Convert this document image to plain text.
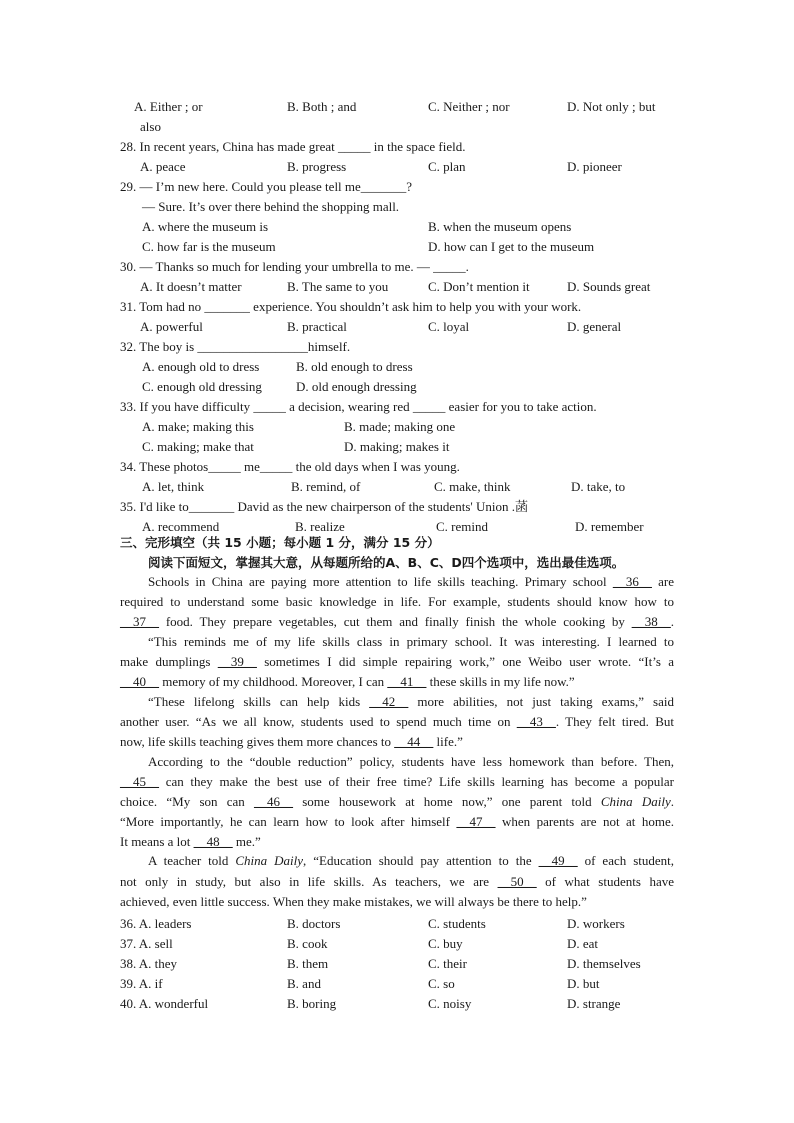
A. Either ; or	B. Both ; and	C. Neither ; nor	D. Not only ; but
also
28. In recent years, China has made great _____ in the space field.
A. peace	B. progress	C. plan	D. pioneer
29. — I’m new here. Could you please tell me_______?
— Sure. It’s over there behind the shopping mall.
A. where the museum is	B. when the museum opens
C. how far is the museum	D. how can I get to the museum
30. — Thanks so much for lending your umbrella to me. — _____.
A. It doesn’t matter	B. The same to you	C. Don’t mention it	D. Sounds great
31. Tom had no _______ experience. You shouldn’t ask him to help you with your work.
A. powerful	B. practical	C. loyal	D. general
32. The boy is _________________himself.
A. enough old to dress	B. old enough to dress
C. enough old dressing	D. old enough dressing
33. If you have difficulty _____ a decision, wearing red _____ easier for you to take action.
A. make; making this	B. made; making one
C. making; make that	D. making; makes it
34. These photos_____ me_____ the old days when I was young.
A. let, think	B. remind, of	C. make, think	D. take, to
35. I'd like to_______ David as the new chairperson of the students' Union .菡
A. recommend	B. realize	C. remind	D. remember
三、完形填空（共 15 小题；每小题 1 分，满分 15 分）
阅读下面短文，掌握其大意，从每题所给的A、B、C、D四个选项中，选出最佳选项。
Schools in China are paying more attention to life skills teaching. Primary school __36__ are
required to understand some basic knowledge in life. For example, students should know how to
__37__ food. They prepare vegetables, cut them and finally finish the whole cooking by __38__.
“This reminds me of my life skills class in primary school. It was interesting. I learned to
make dumplings __39__ sometimes I did simple repairing work,” one Weibo user wrote. “It’s a
__40__ memory of my childhood. Moreover, I can __41__ these skills in my life now.”
“These lifelong skills can help kids __42__ more abilities, not just taking exams,” said
another user. “As we all know, students used to spend much time on __43__. They felt tired. But
now, life skills teaching gives them more chances to __44__ life.”
According to the “double reduction” policy, students have less homework than before. Then,
__45__ can they make the best use of their free time? Life skills learning has become a popular
choice. “My son can __46__ some housework at home now,” one parent told China Daily.
“More importantly, he can learn how to look after himself __47__ when parents are not at home.
It means a lot __48__ me.”
A teacher told China Daily, “Education should pay attention to the __49__ of each student,
not only in study, but also in life skills. As teachers, we are __50__ of what students have
achieved, even little success. When they make mistakes, we will always be there to help.”
36. A. leaders	B. doctors	C. students	D. workers
37. A. sell	B. cook	C. buy	D. eat
38. A. they	B. them	C. their	D. themselves
39. A. if	B. and	C. so	D. but
40. A. wonderful	B. boring	C. noisy	D. strange
